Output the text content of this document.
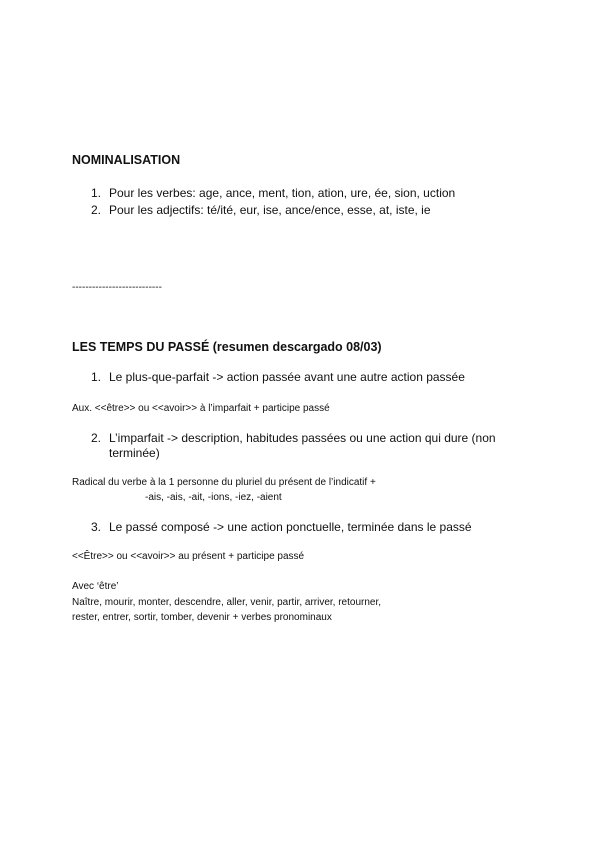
NOMINALISATION
1. Pour les verbes: age, ance, ment, tion, ation, ure, ée, sion, uction
2. Pour les adjectifs: té/ité, eur, ise, ance/ence, esse, at, iste, ie
---------------------------
LES TEMPS DU PASSÉ (resumen descargado 08/03)
1. Le plus-que-parfait -> action passée avant une autre action passée
Aux. <<être>> ou <<avoir>> à l’imparfait + participe passé
2. L’imparfait -> description, habitudes passées ou une action qui dure (non
terminée)
Radical du verbe à la 1 personne du pluriel du présent de l’indicatif +
-ais, -ais, -ait, -ions, -iez, -aient
3. Le passé composé -> une action ponctuelle, terminée dans le passé
<<Être>> ou <<avoir>> au présent + participe passé
Avec ‘être’
Naître, mourir, monter, descendre, aller, venir, partir, arriver, retourner,
rester, entrer, sortir, tomber, devenir + verbes pronominaux
